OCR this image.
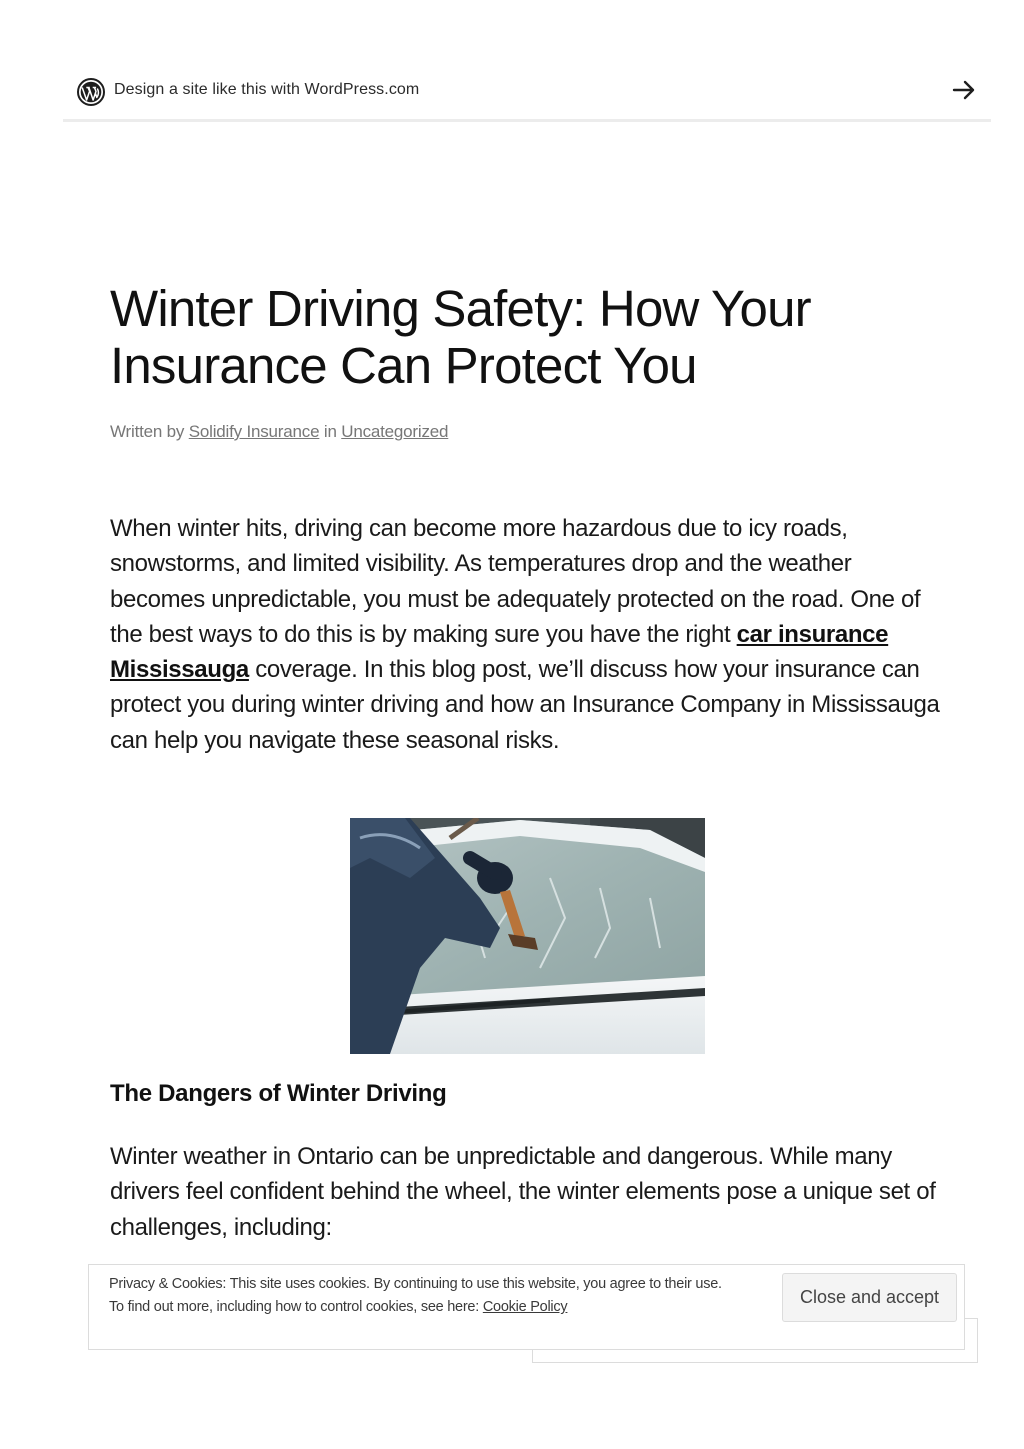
Design a site like this with WordPress.com
Winter Driving Safety: How Your Insurance Can Protect You
Written by Solidify Insurance in Uncategorized

When winter hits, driving can become more hazardous due to icy roads, snowstorms, and limited visibility. As temperatures drop and the weather becomes unpredictable, you must be adequately protected on the road. One of the best ways to do this is by making sure you have the right car insurance Mississauga coverage. In this blog post, we’ll discuss how your insurance can protect you during winter driving and how an Insurance Company in Mississauga can help you navigate these seasonal risks.

The Dangers of Winter Driving

Winter weather in Ontario can be unpredictable and dangerous. While many drivers feel confident behind the wheel, the winter elements pose a unique set of challenges, including:

Privacy & Cookies: This site uses cookies. By continuing to use this website, you agree to their use.
To find out more, including how to control cookies, see here: Cookie Policy
Close and accept
